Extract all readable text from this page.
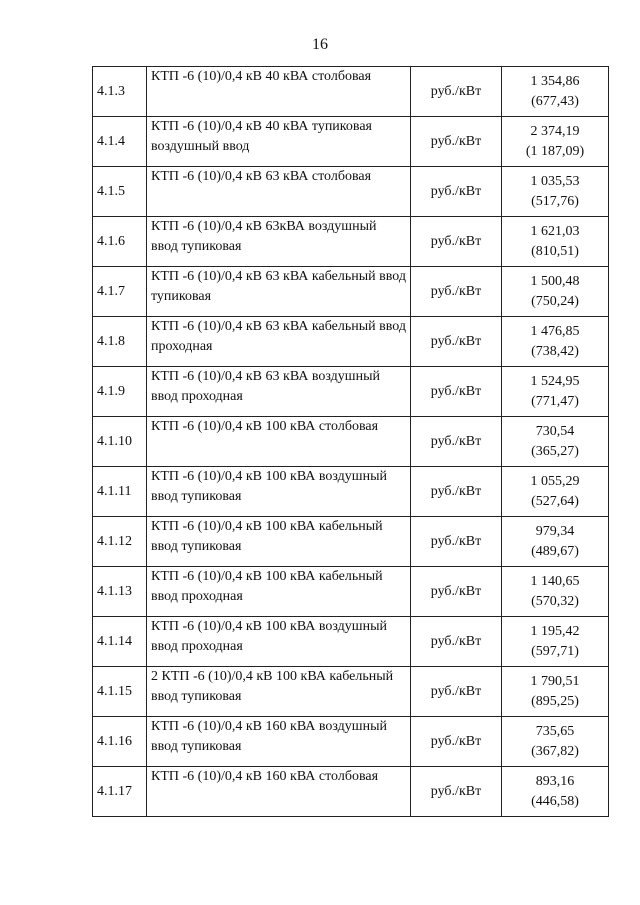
16
4.1.3	КТП -6 (10)/0,4 кВ 40 кВА столбовая	руб./кВт	1 354,86
(677,43)

4.1.4	КТП -6 (10)/0,4 кВ 40 кВА тупиковая воздушный ввод	руб./кВт	2 374,19
(1 187,09)

4.1.5	КТП -6 (10)/0,4 кВ 63 кВА столбовая	руб./кВт	1 035,53
(517,76)

4.1.6	КТП -6 (10)/0,4 кВ 63кВА воздушный ввод тупиковая	руб./кВт	1 621,03
(810,51)

4.1.7	КТП -6 (10)/0,4 кВ 63 кВА кабельный ввод тупиковая	руб./кВт	1 500,48
(750,24)

4.1.8	КТП -6 (10)/0,4 кВ 63 кВА кабельный ввод проходная	руб./кВт	1 476,85
(738,42)

4.1.9	КТП -6 (10)/0,4 кВ 63 кВА воздушный ввод проходная	руб./кВт	1 524,95
(771,47)

4.1.10	КТП -6 (10)/0,4 кВ 100 кВА столбовая	руб./кВт	730,54
(365,27)

4.1.11	КТП -6 (10)/0,4 кВ 100 кВА воздушный ввод тупиковая	руб./кВт	1 055,29
(527,64)

4.1.12	КТП -6 (10)/0,4 кВ 100 кВА кабельный ввод тупиковая	руб./кВт	979,34
(489,67)

4.1.13	КТП -6 (10)/0,4 кВ 100 кВА кабельный ввод проходная	руб./кВт	1 140,65
(570,32)

4.1.14	КТП -6 (10)/0,4 кВ 100 кВА воздушный ввод проходная	руб./кВт	1 195,42
(597,71)

4.1.15	2 КТП -6 (10)/0,4 кВ 100 кВА кабельный ввод тупиковая	руб./кВт	1 790,51
(895,25)

4.1.16	КТП -6 (10)/0,4 кВ 160 кВА воздушный ввод тупиковая	руб./кВт	735,65
(367,82)

4.1.17	КТП -6 (10)/0,4 кВ 160 кВА столбовая	руб./кВт	893,16
(446,58)
